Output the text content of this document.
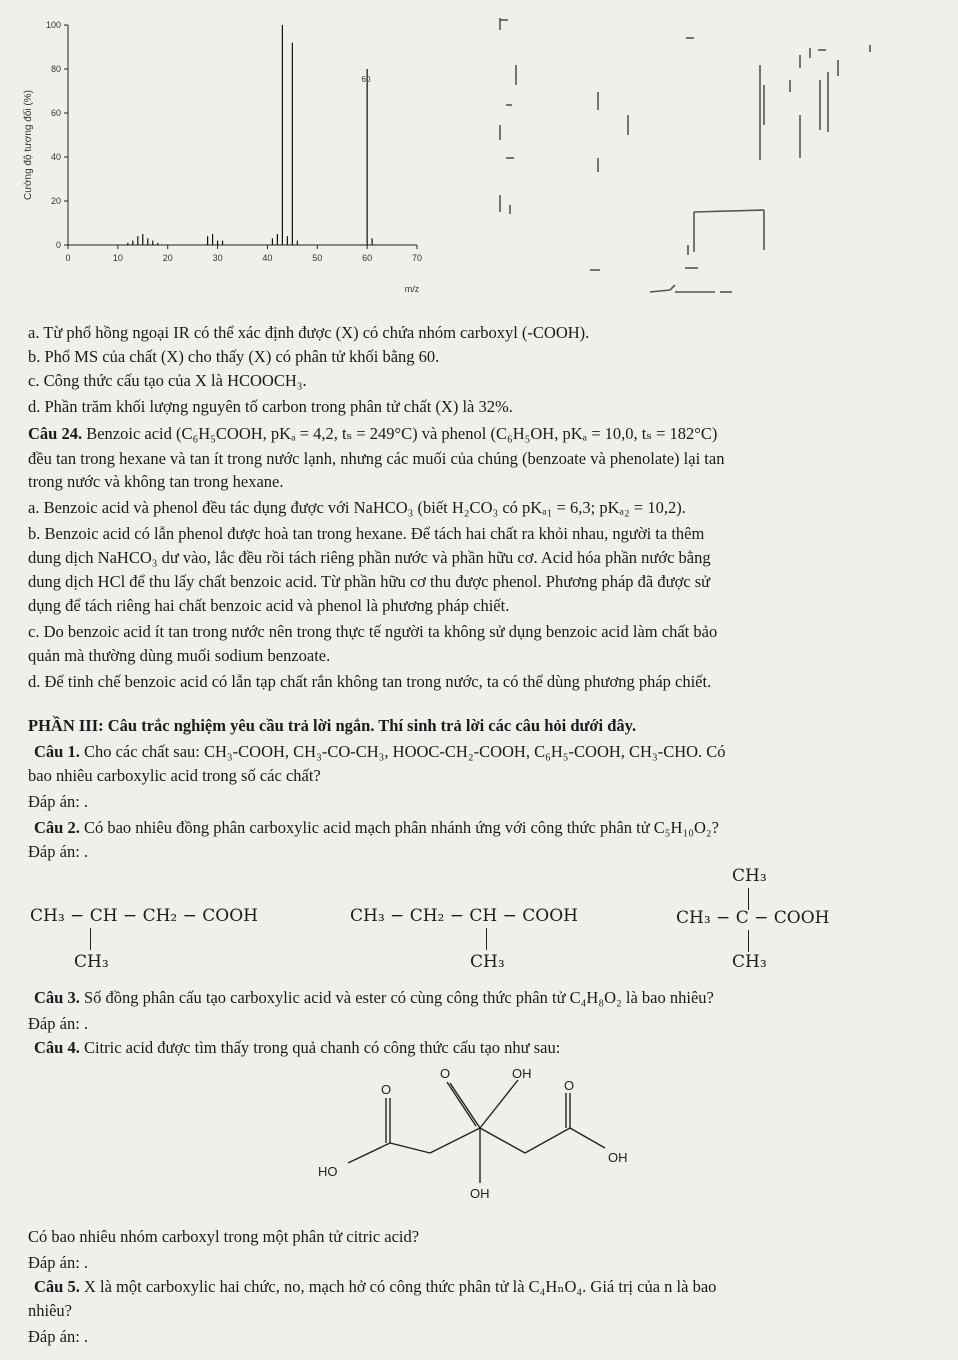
0
20
40
60
80
100
0	10	20	30	40	50	60	70
Cường độ tương đối (%)
m/z
60
a. Từ phổ hồng ngoại IR có thể xác định được (X) có chứa nhóm carboxyl (-COOH).
b. Phổ MS của chất (X) cho thấy (X) có phân tử khối bằng 60.
c. Công thức cấu tạo của X là HCOOCH₃.
d. Phần trăm khối lượng nguyên tố carbon trong phân tử chất (X) là 32%.
Câu 24. Benzoic acid (C₆H₅COOH, pKₐ = 4,2, tₛ = 249°C) và phenol (C₆H₅OH, pKₐ = 10,0, tₛ = 182°C)
đều tan trong hexane và tan ít trong nước lạnh, nhưng các muối của chúng (benzoate và phenolate) lại tan
trong nước và không tan trong hexane.
a. Benzoic acid và phenol đều tác dụng được với NaHCO₃ (biết H₂CO₃ có pKₐ₁ = 6,3; pKₐ₂ = 10,2).
b. Benzoic acid có lẫn phenol được hoà tan trong hexane. Để tách hai chất ra khỏi nhau, người ta thêm
dung dịch NaHCO₃ dư vào, lắc đều rồi tách riêng phần nước và phần hữu cơ. Acid hóa phần nước bằng
dung dịch HCl để thu lấy chất benzoic acid. Từ phần hữu cơ thu được phenol. Phương pháp đã được sử
dụng để tách riêng hai chất benzoic acid và phenol là phương pháp chiết.
c. Do benzoic acid ít tan trong nước nên trong thực tế người ta không sử dụng benzoic acid làm chất bảo
quản mà thường dùng muối sodium benzoate.
d. Để tinh chế benzoic acid có lẫn tạp chất rắn không tan trong nước, ta có thể dùng phương pháp chiết.
PHẦN III: Câu trắc nghiệm yêu cầu trả lời ngắn. Thí sinh trả lời các câu hỏi dưới đây.
Câu 1. Cho các chất sau: CH₃-COOH, CH₃-CO-CH₃, HOOC-CH₂-COOH, C₆H₅-COOH, CH₃-CHO. Có
bao nhiêu carboxylic acid trong số các chất?
Đáp án: .
Câu 2. Có bao nhiêu đồng phân carboxylic acid mạch phân nhánh ứng với công thức phân tử C₅H₁₀O₂?
Đáp án: .
CH₃ − CH − CH₂ − COOH
CH₃
CH₃ − CH₂ − CH − COOH
CH₃
CH₃
CH₃ − C − COOH
CH₃
Câu 3. Số đồng phân cấu tạo carboxylic acid và ester có cùng công thức phân tử C₄H₈O₂ là bao nhiêu?
Đáp án: .
Câu 4. Citric acid được tìm thấy trong quả chanh có công thức cấu tạo như sau:
O	OH
O	O
HO
OH
OH
Có bao nhiêu nhóm carboxyl trong một phân tử citric acid?
Đáp án: .
Câu 5. X là một carboxylic hai chức, no, mạch hở có công thức phân tử là C₄HₙO₄. Giá trị của n là bao
nhiêu?
Đáp án: .
